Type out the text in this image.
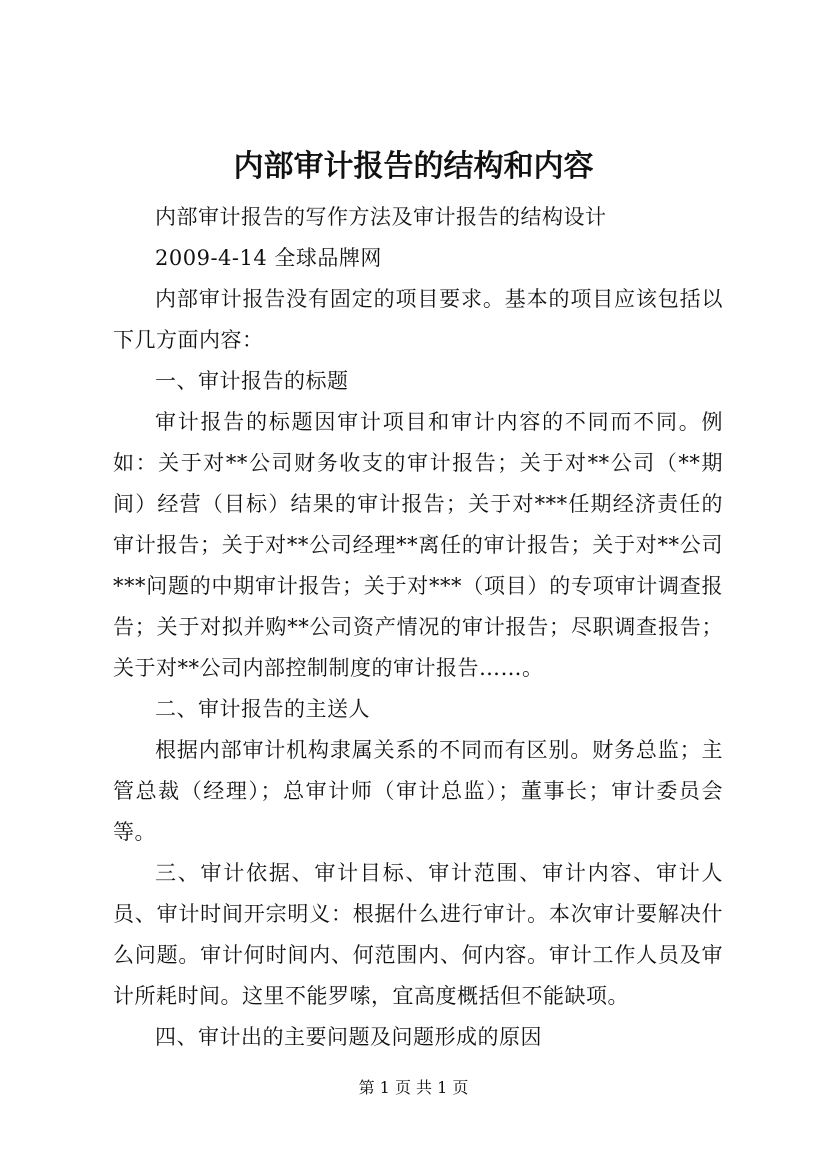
内部审计报告的结构和内容

内部审计报告的写作方法及审计报告的结构设计

2009-4-14 全球品牌网

内部审计报告没有固定的项目要求。基本的项目应该包括以下几方面内容：

一、审计报告的标题

审计报告的标题因审计项目和审计内容的不同而不同。例如：关于对**公司财务收支的审计报告；关于对**公司（**期间）经营（目标）结果的审计报告；关于对***任期经济责任的审计报告；关于对**公司经理**离任的审计报告；关于对**公司***问题的中期审计报告；关于对***（项目）的专项审计调查报告；关于对拟并购**公司资产情况的审计报告；尽职调查报告；关于对**公司内部控制制度的审计报告……。

二、审计报告的主送人

根据内部审计机构隶属关系的不同而有区别。财务总监；主管总裁（经理）；总审计师（审计总监）；董事长；审计委员会等。

三、审计依据、审计目标、审计范围、审计内容、审计人员、审计时间开宗明义：根据什么进行审计。本次审计要解决什么问题。审计何时间内、何范围内、何内容。审计工作人员及审计所耗时间。这里不能罗嗦，宜高度概括但不能缺项。

四、审计出的主要问题及问题形成的原因

第 1 页 共 1 页
